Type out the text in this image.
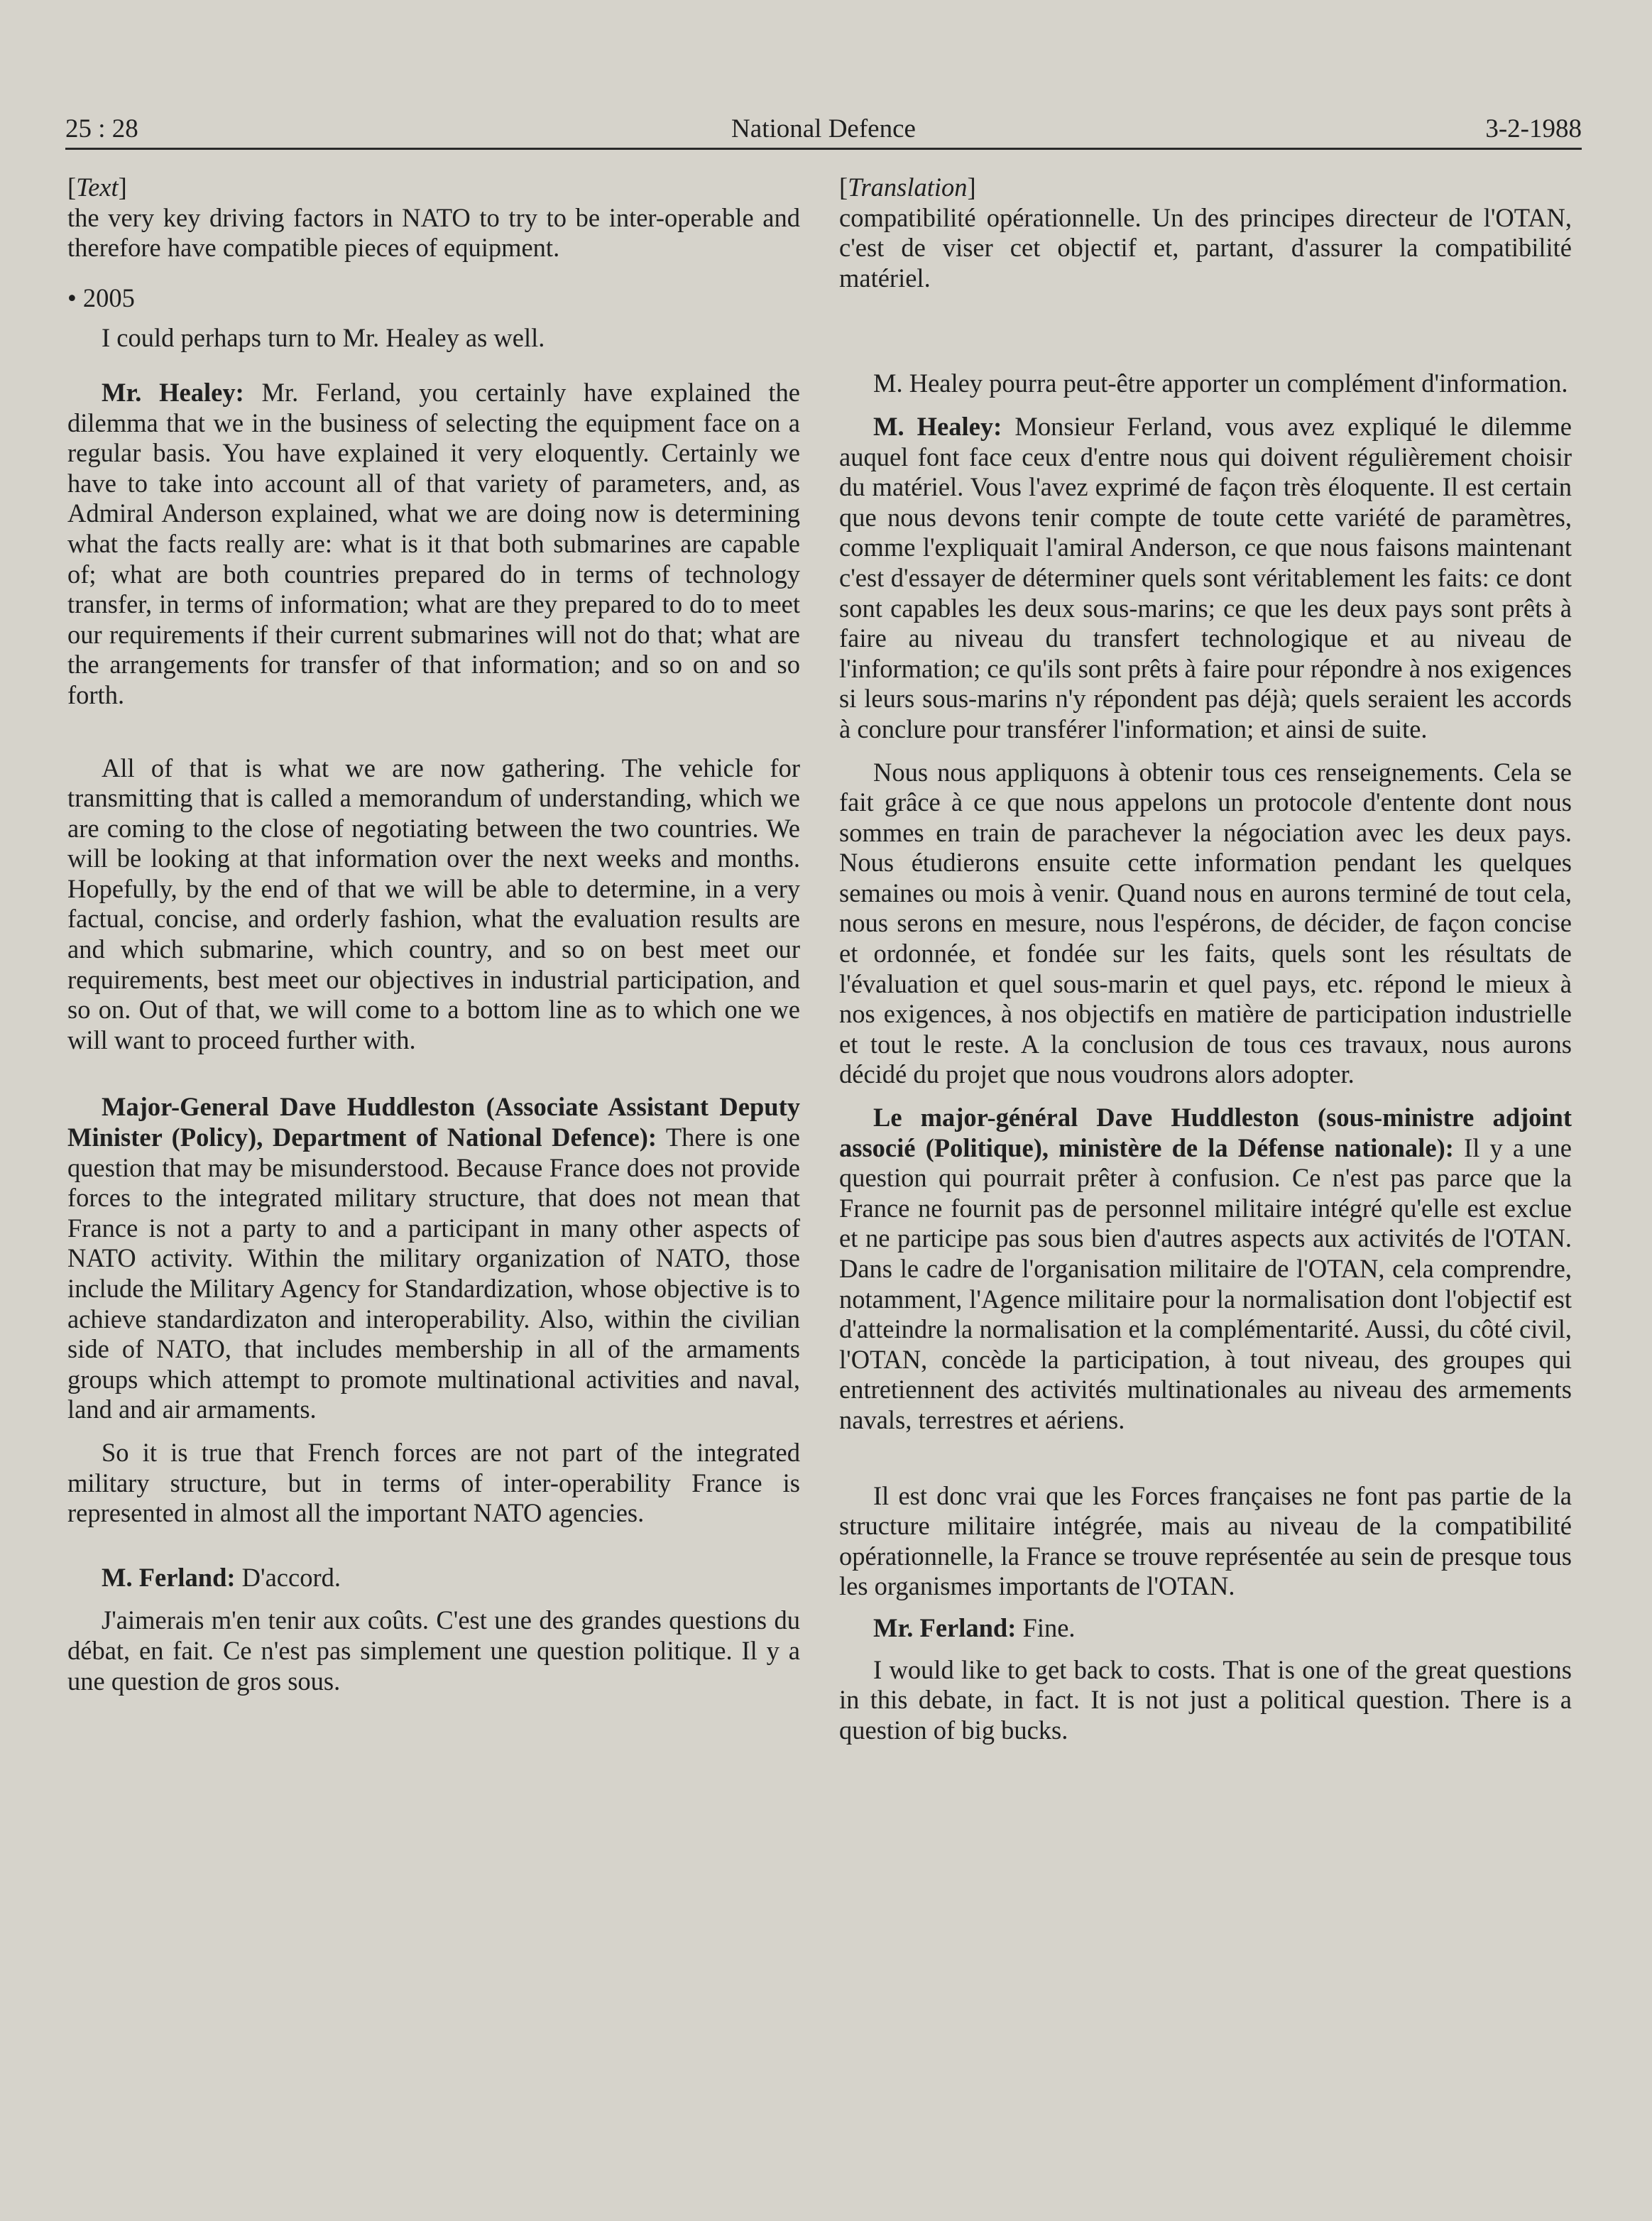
25 : 28	National Defence	3-2-1988

[Text]

the very key driving factors in NATO to try to be inter-operable and therefore have compatible pieces of equipment.

• 2005

I could perhaps turn to Mr. Healey as well.

Mr. Healey: Mr. Ferland, you certainly have explained the dilemma that we in the business of selecting the equipment face on a regular basis. You have explained it very eloquently. Certainly we have to take into account all of that variety of parameters, and, as Admiral Anderson explained, what we are doing now is determining what the facts really are: what is it that both submarines are capable of; what are both countries prepared do in terms of technology transfer, in terms of information; what are they prepared to do to meet our requirements if their current submarines will not do that; what are the arrangements for transfer of that information; and so on and so forth.

All of that is what we are now gathering. The vehicle for transmitting that is called a memorandum of understanding, which we are coming to the close of negotiating between the two countries. We will be looking at that information over the next weeks and months. Hopefully, by the end of that we will be able to determine, in a very factual, concise, and orderly fashion, what the evaluation results are and which submarine, which country, and so on best meet our requirements, best meet our objectives in industrial participation, and so on. Out of that, we will come to a bottom line as to which one we will want to proceed further with.

Major-General Dave Huddleston (Associate Assistant Deputy Minister (Policy), Department of National Defence): There is one question that may be misunderstood. Because France does not provide forces to the integrated military structure, that does not mean that France is not a party to and a participant in many other aspects of NATO activity. Within the military organization of NATO, those include the Military Agency for Standardization, whose objective is to achieve standardizaton and interoperability. Also, within the civilian side of NATO, that includes membership in all of the armaments groups which attempt to promote multinational activities and naval, land and air armaments.

So it is true that French forces are not part of the integrated military structure, but in terms of inter-operability France is represented in almost all the important NATO agencies.

M. Ferland: D'accord.

J'aimerais m'en tenir aux coûts. C'est une des grandes questions du débat, en fait. Ce n'est pas simplement une question politique. Il y a une question de gros sous.

[Translation]

compatibilité opérationnelle. Un des principes directeur de l'OTAN, c'est de viser cet objectif et, partant, d'assurer la compatibilité matériel.

M. Healey pourra peut-être apporter un complément d'information.

M. Healey: Monsieur Ferland, vous avez expliqué le dilemme auquel font face ceux d'entre nous qui doivent régulièrement choisir du matériel. Vous l'avez exprimé de façon très éloquente. Il est certain que nous devons tenir compte de toute cette variété de paramètres, comme l'expliquait l'amiral Anderson, ce que nous faisons maintenant c'est d'essayer de déterminer quels sont véritablement les faits: ce dont sont capables les deux sous-marins; ce que les deux pays sont prêts à faire au niveau du transfert technologique et au niveau de l'information; ce qu'ils sont prêts à faire pour répondre à nos exigences si leurs sous-marins n'y répondent pas déjà; quels seraient les accords à conclure pour transférer l'information; et ainsi de suite.

Nous nous appliquons à obtenir tous ces renseignements. Cela se fait grâce à ce que nous appelons un protocole d'entente dont nous sommes en train de parachever la négociation avec les deux pays. Nous étudierons ensuite cette information pendant les quelques semaines ou mois à venir. Quand nous en aurons terminé de tout cela, nous serons en mesure, nous l'espérons, de décider, de façon concise et ordonnée, et fondée sur les faits, quels sont les résultats de l'évaluation et quel sous-marin et quel pays, etc. répond le mieux à nos exigences, à nos objectifs en matière de participation industrielle et tout le reste. A la conclusion de tous ces travaux, nous aurons décidé du projet que nous voudrons alors adopter.

Le major-général Dave Huddleston (sous-ministre adjoint associé (Politique), ministère de la Défense nationale): Il y a une question qui pourrait prêter à confusion. Ce n'est pas parce que la France ne fournit pas de personnel militaire intégré qu'elle est exclue et ne participe pas sous bien d'autres aspects aux activités de l'OTAN. Dans le cadre de l'organisation militaire de l'OTAN, cela comprendre, notamment, l'Agence militaire pour la normalisation dont l'objectif est d'atteindre la normalisation et la complémentarité. Aussi, du côté civil, l'OTAN, concède la participation, à tout niveau, des groupes qui entretiennent des activités multinationales au niveau des armements navals, terrestres et aériens.

Il est donc vrai que les Forces françaises ne font pas partie de la structure militaire intégrée, mais au niveau de la compatibilité opérationnelle, la France se trouve représentée au sein de presque tous les organismes importants de l'OTAN.

Mr. Ferland: Fine.

I would like to get back to costs. That is one of the great questions in this debate, in fact. It is not just a political question. There is a question of big bucks.
